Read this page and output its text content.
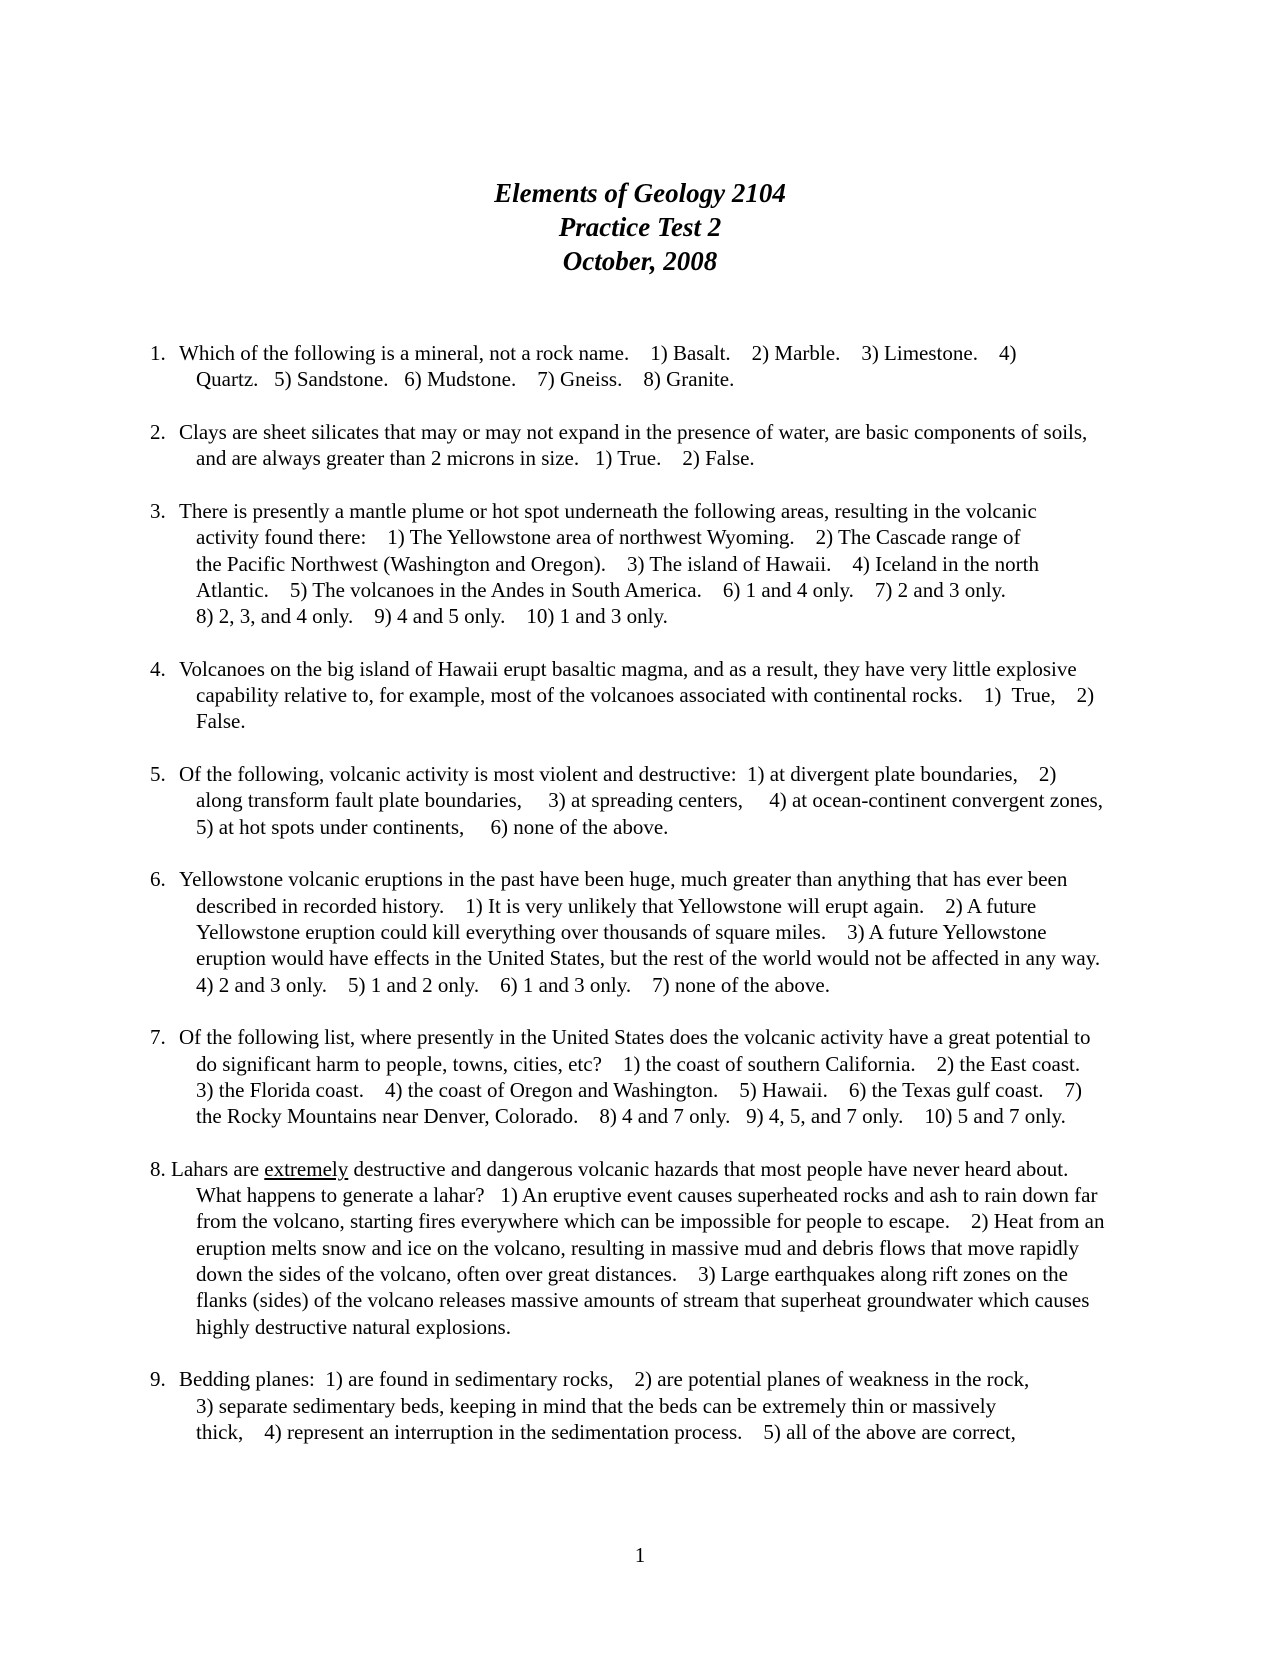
Elements of Geology 2104
Practice Test 2
October, 2008
1. Which of the following is a mineral, not a rock name.    1) Basalt.    2) Marble.    3) Limestone.    4)
Quartz.   5) Sandstone.   6) Mudstone.    7) Gneiss.    8) Granite.
2. Clays are sheet silicates that may or may not expand in the presence of water, are basic components of soils,
and are always greater than 2 microns in size.   1) True.    2) False.
3. There is presently a mantle plume or hot spot underneath the following areas, resulting in the volcanic
activity found there:    1) The Yellowstone area of northwest Wyoming.    2) The Cascade range of
the Pacific Northwest (Washington and Oregon).    3) The island of Hawaii.    4) Iceland in the north
Atlantic.    5) The volcanoes in the Andes in South America.    6) 1 and 4 only.    7) 2 and 3 only.
8) 2, 3, and 4 only.    9) 4 and 5 only.    10) 1 and 3 only.
4. Volcanoes on the big island of Hawaii erupt basaltic magma, and as a result, they have very little explosive
capability relative to, for example, most of the volcanoes associated with continental rocks.    1)  True,    2)
False.
5. Of the following, volcanic activity is most violent and destructive:  1) at divergent plate boundaries,    2)
along transform fault plate boundaries,     3) at spreading centers,     4) at ocean-continent convergent zones,
5) at hot spots under continents,     6) none of the above.
6. Yellowstone volcanic eruptions in the past have been huge, much greater than anything that has ever been
described in recorded history.    1) It is very unlikely that Yellowstone will erupt again.    2) A future
Yellowstone eruption could kill everything over thousands of square miles.    3) A future Yellowstone
eruption would have effects in the United States, but the rest of the world would not be affected in any way.
4) 2 and 3 only.    5) 1 and 2 only.    6) 1 and 3 only.    7) none of the above.
7. Of the following list, where presently in the United States does the volcanic activity have a great potential to
do significant harm to people, towns, cities, etc?    1) the coast of southern California.    2) the East coast.
3) the Florida coast.    4) the coast of Oregon and Washington.    5) Hawaii.    6) the Texas gulf coast.    7)
the Rocky Mountains near Denver, Colorado.    8) 4 and 7 only.   9) 4, 5, and 7 only.    10) 5 and 7 only.
8. Lahars are extremely destructive and dangerous volcanic hazards that most people have never heard about.
What happens to generate a lahar?   1) An eruptive event causes superheated rocks and ash to rain down far
from the volcano, starting fires everywhere which can be impossible for people to escape.    2) Heat from an
eruption melts snow and ice on the volcano, resulting in massive mud and debris flows that move rapidly
down the sides of the volcano, often over great distances.    3) Large earthquakes along rift zones on the
flanks (sides) of the volcano releases massive amounts of stream that superheat groundwater which causes
highly destructive natural explosions.
9. Bedding planes:  1) are found in sedimentary rocks,    2) are potential planes of weakness in the rock,
3) separate sedimentary beds, keeping in mind that the beds can be extremely thin or massively
thick,    4) represent an interruption in the sedimentation process.    5) all of the above are correct,
1
